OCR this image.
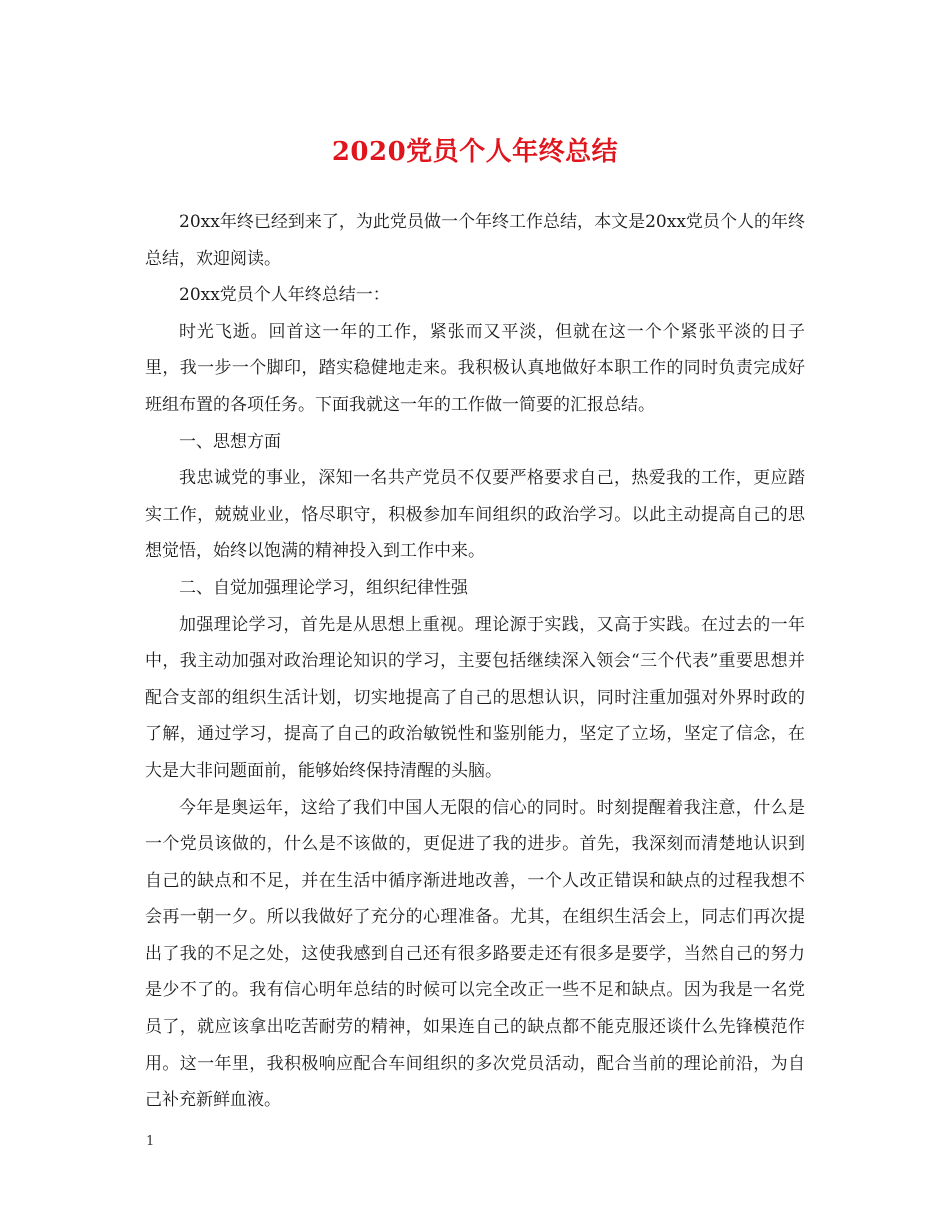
2020党员个人年终总结

20xx年终已经到来了，为此党员做一个年终工作总结，本文是20xx党员个人的年终总结，欢迎阅读。

20xx党员个人年终总结一：

时光飞逝。回首这一年的工作，紧张而又平淡，但就在这一个个紧张平淡的日子里，我一步一个脚印，踏实稳健地走来。我积极认真地做好本职工作的同时负责完成好班组布置的各项任务。下面我就这一年的工作做一简要的汇报总结。

一、思想方面

我忠诚党的事业，深知一名共产党员不仅要严格要求自己，热爱我的工作，更应踏实工作，兢兢业业，恪尽职守，积极参加车间组织的政治学习。以此主动提高自己的思想觉悟，始终以饱满的精神投入到工作中来。

二、自觉加强理论学习，组织纪律性强

加强理论学习，首先是从思想上重视。理论源于实践，又高于实践。在过去的一年中，我主动加强对政治理论知识的学习，主要包括继续深入领会“三个代表”重要思想并配合支部的组织生活计划，切实地提高了自己的思想认识，同时注重加强对外界时政的了解，通过学习，提高了自己的政治敏锐性和鉴别能力，坚定了立场，坚定了信念，在大是大非问题面前，能够始终保持清醒的头脑。

今年是奥运年，这给了我们中国人无限的信心的同时。时刻提醒着我注意，什么是一个党员该做的，什么是不该做的，更促进了我的进步。首先，我深刻而清楚地认识到自己的缺点和不足，并在生活中循序渐进地改善，一个人改正错误和缺点的过程我想不会再一朝一夕。所以我做好了充分的心理准备。尤其，在组织生活会上，同志们再次提出了我的不足之处，这使我感到自己还有很多路要走还有很多是要学，当然自己的努力是少不了的。我有信心明年总结的时候可以完全改正一些不足和缺点。因为我是一名党员了，就应该拿出吃苦耐劳的精神，如果连自己的缺点都不能克服还谈什么先锋模范作用。这一年里，我积极响应配合车间组织的多次党员活动，配合当前的理论前沿，为自己补充新鲜血液。

1
